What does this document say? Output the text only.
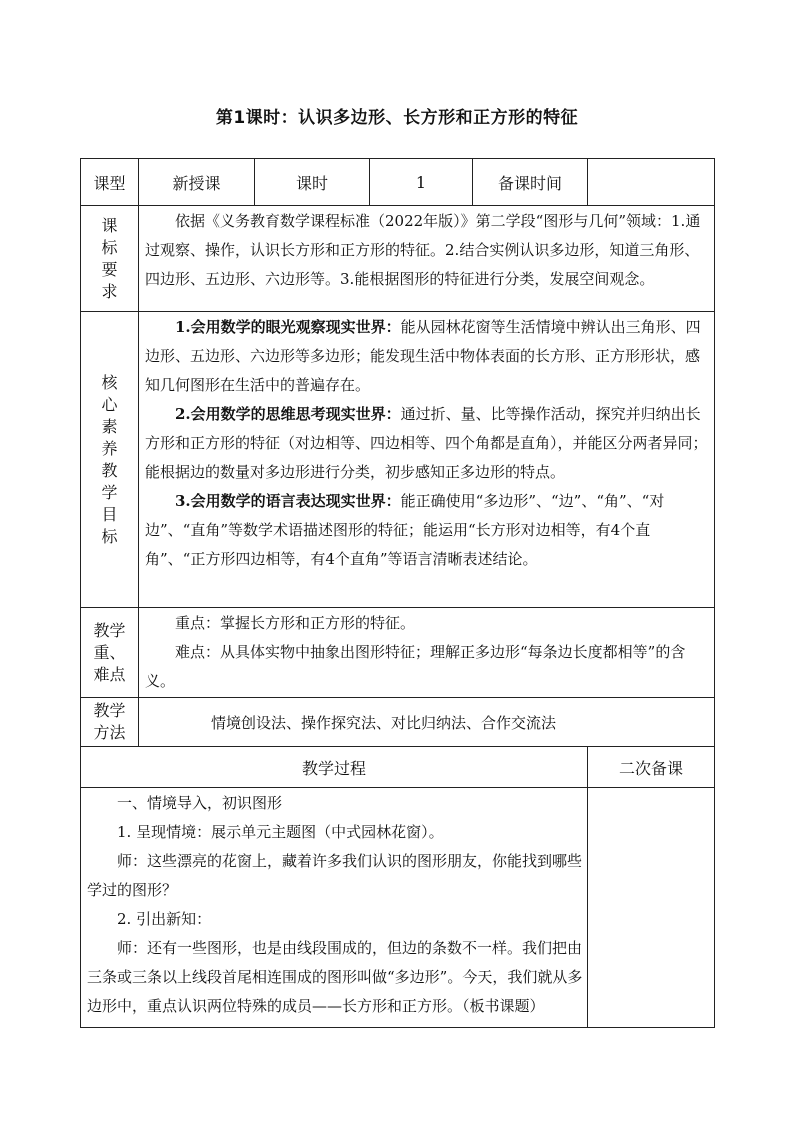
第1课时：认识多边形、长方形和正方形的特征
课型	新授课	课时	1	备课时间	

课标要求	依据《义务教育数学课程标准（2022年版）》第二学段“图形与几何”领域：1.通过观察、操作，认识长方形和正方形的特征。2.结合实例认识多边形，知道三角形、四边形、五边形、六边形等。3.能根据图形的特征进行分类，发展空间观念。				

核心素养教学目标	1.会用数学的眼光观察现实世界：能从园林花窗等生活情境中辨认出三角形、四边形、五边形、六边形等多边形；能发现生活中物体表面的长方形、正方形形状，感知几何图形在生活中的普遍存在。

2.会用数学的思维思考现实世界：通过折、量、比等操作活动，探究并归纳出长方形和正方形的特征（对边相等、四边相等、四个角都是直角），并能区分两者异同；能根据边的数量对多边形进行分类，初步感知正多边形的特点。

3.会用数学的语言表达现实世界：能正确使用“多边形”、“边”、“角”、“对边”、“直角”等数学术语描述图形的特征；能运用“长方形对边相等，有4个直角”、“正方形四边相等，有4个直角”等语言清晰表述结论。				

教学重、难点	重点：掌握长方形和正方形的特征。

难点：从具体实物中抽象出图形特征；理解正多边形“每条边长度都相等”的含义。				

教学方法	情境创设法、操作探究法、对比归纳法、合作交流法				
教学过程					二次备课

一、情境导入，初识图形

1. 呈现情境：展示单元主题图（中式园林花窗）。

师：这些漂亮的花窗上，藏着许多我们认识的图形朋友，你能找到哪些学过的图形？

2. 引出新知：

师：还有一些图形，也是由线段围成的，但边的条数不一样。我们把由三条或三条以上线段首尾相连围成的图形叫做“多边形”。今天，我们就从多边形中，重点认识两位特殊的成员——长方形和正方形。（板书课题）					
